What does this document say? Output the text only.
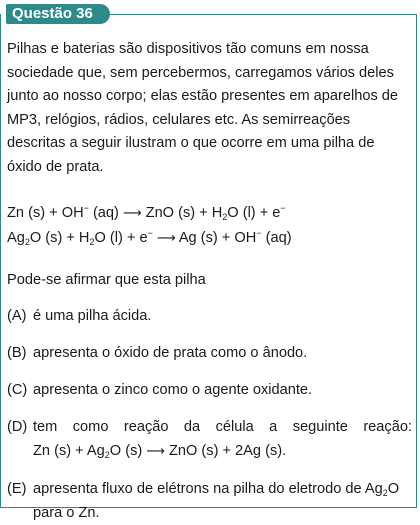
Questão 36

Pilhas e baterias são dispositivos tão comuns em nossa sociedade que, sem percebermos, carregamos vários deles junto ao nosso corpo; elas estão presentes em aparelhos de MP3, relógios, rádios, celulares etc. As semirreações descritas a seguir ilustram o que ocorre em uma pilha de óxido de prata.

Zn (s) + OH− (aq) ⟶ ZnO $(s) + H_2O$ (l) + e−
$Ag_2O$ $(s) + H_2O$ (l) + e− ⟶ Ag (s) + OH− (aq)
Pode-se afirmar que esta pilha
(A) é uma pilha ácida.
(B) apresenta o óxido de prata como o ânodo.
(C) apresenta o zinco como o agente oxidante.
(D) tem como reação da célula a seguinte reação:
Zn $(s) + Ag_2O$ (s) ⟶ ZnO (s) + 2Ag (s).
(E) apresenta fluxo de elétrons na pilha do eletrodo de $Ag_2O$
para o Zn.
